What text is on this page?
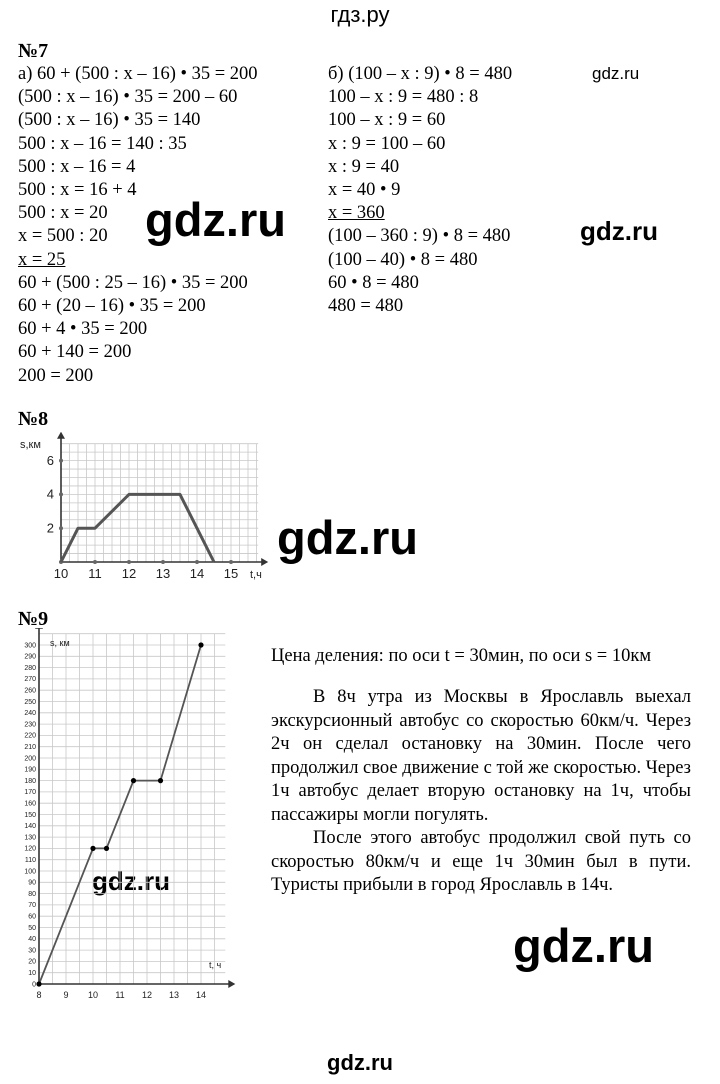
гдз.ру
№7
а) 60 + (500 : x – 16) • 35 = 200
(500 : x – 16) • 35 = 200 – 60
(500 : x – 16) • 35 = 140
500 : x – 16 = 140 : 35
500 : x – 16 = 4
500 : x = 16 + 4
500 : x = 20
x = 500 : 20
x = 25
60 + (500 : 25 – 16) • 35 = 200
60 + (20 – 16) • 35 = 200
60 + 4 • 35 = 200
60 + 140 = 200
200 = 200
б) (100 – x : 9) • 8 = 480
100 – x : 9 = 480 : 8
100 – x : 9 = 60
x : 9 = 100 – 60
x : 9 = 40
x = 40 • 9
x = 360
(100 – 360 : 9) • 8 = 480
(100 – 40) • 8 = 480
60 • 8 = 480
480 = 480
gdz.ru
gdz.ru	gdz.ru
gdz.ru
gdz.ru
gdz.ru
№8
10 11 12 13 14 15
2
4
6
t,ч
s,км
№9
8 9 10 11 12 13 14
0
10
20
30
40
50
60
70
80
90
100
110
120
130
140
150
160
170
180
190
200
210
220
230
240
250
260
270
280
290
300
t, ч
s, км
Цена деления: по оси t = 30мин, по оси s = 10км
В 8ч утра из Москвы в Ярославль выехал экскурсионный автобус со скоростью 60км/ч. Через 2ч он сделал остановку на 30мин. После чего продолжил свое движение с той же скоростью. Через 1ч автобус делает вторую остановку на 1ч, чтобы пассажиры могли погулять.
После этого автобус продолжил свой путь со скоростью 80км/ч и еще 1ч 30мин был в пути. Туристы прибыли в город Ярославль в 14ч.
gdz.ru
